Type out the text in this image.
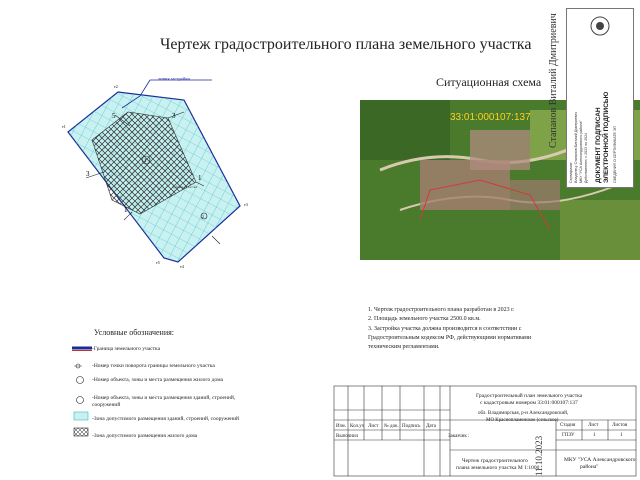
Чертеж градостроительного плана земельного участка
1
2
5	3
3	1
1
т1
т2
т3
т4
т5
границы участка
линия застройки	Ситуационная схема
33:01:000107:137 Стапанов Виталий Дмитриевич	ДОКУМЕНТ ПОДПИСАН ЭЛЕКТРОННОЙ ПОДПИСЬЮ СВЕДЕНИЯ О СЕРТИФИКАТЕ ЭП
Сертификат: Владелец: Стапанов Виталий Дмитриевич МКУ "УСА Александровского района" Действителен: с 2023 по 2024
1. Чертеж градостроительного плана разработан в 2023 г.
2. Площадь земельного участка 2500.0 кв.м.
3. Застройка участка должна производится в соответствии с
Градостроительным кодексом РФ, действующими нормативами
техническим регламентами.
Условные обозначения:
-Граница земельного участка
-Номер точки поворота границы земельного участка
-Номер объекта, зоны и места размещения жилого дома
-Номер объекта, зоны и места размещения зданий, строений,
сооружений
-Зона допустимого размещения зданий, строений, сооружений
-Зона допустимого размещения жилого дома
Изм. Кол.уч Лист № док. Подпись Дата
Выполнил	Заказчик :
Градостроительный план земельного участка
с кадастровым номером 33:01:000107:137
обл. Владимирская, р-н Александровский,
МО Краснопламенское (сельское)
Стадия	Лист	Листов
ГПЗУ	1	1
Чертеж градостроительного
плана земельного участка М 1:1000
МКУ "УСА Александровского
района"
11.10.2023
